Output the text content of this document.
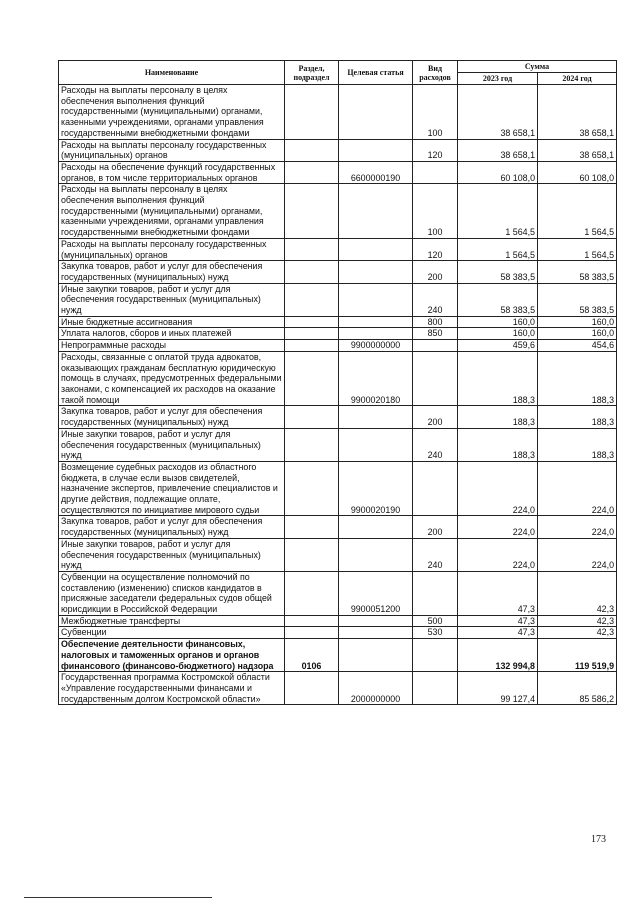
Наименование	Раздел, подраздел	Целевая статья	Вид расходов	Сумма	
				2023 год	2024 год
Расходы на выплаты персоналу в целях обеспечения выполнения функций государственными (муниципальными) органами, казенными учреждениями, органами управления государственными внебюджетными фондами			100	38 658,1	38 658,1
Расходы на выплаты персоналу государственных (муниципальных) органов			120	38 658,1	38 658,1
Расходы на обеспечение функций государственных органов, в том числе территориальных органов		6600000190		60 108,0	60 108,0
Расходы на выплаты персоналу в целях обеспечения выполнения функций государственными (муниципальными) органами, казенными учреждениями, органами управления государственными внебюджетными фондами			100	1 564,5	1 564,5
Расходы на выплаты персоналу государственных (муниципальных) органов			120	1 564,5	1 564,5
Закупка товаров, работ и услуг для обеспечения государственных (муниципальных) нужд			200	58 383,5	58 383,5
Иные закупки товаров, работ и услуг для обеспечения государственных (муниципальных) нужд			240	58 383,5	58 383,5
Иные бюджетные ассигнования			800	160,0	160,0
Уплата налогов, сборов и иных платежей			850	160,0	160,0
Непрограммные расходы		9900000000		459,6	454,6
Расходы, связанные с оплатой труда адвокатов, оказывающих гражданам бесплатную юридическую помощь в случаях, предусмотренных федеральными законами, с компенсацией их расходов на оказание такой помощи		9900020180		188,3	188,3
Закупка товаров, работ и услуг для обеспечения государственных (муниципальных) нужд			200	188,3	188,3
Иные закупки товаров, работ и услуг для обеспечения государственных (муниципальных) нужд			240	188,3	188,3
Возмещение судебных расходов из областного бюджета, в случае если вызов свидетелей, назначение экспертов, привлечение специалистов и другие действия, подлежащие оплате, осуществляются по инициативе мирового судьи		9900020190		224,0	224,0
Закупка товаров, работ и услуг для обеспечения государственных (муниципальных) нужд			200	224,0	224,0
Иные закупки товаров, работ и услуг для обеспечения государственных (муниципальных) нужд			240	224,0	224,0
Субвенции на осуществление полномочий по составлению (изменению) списков кандидатов в присяжные заседатели федеральных судов общей юрисдикции в Российской Федерации		9900051200		47,3	42,3
Межбюджетные трансферты			500	47,3	42,3
Субвенции			530	47,3	42,3
Обеспечение деятельности финансовых, налоговых и таможенных органов и органов финансового (финансово-бюджетного) надзора	0106			132 994,8	119 519,9
Государственная программа Костромской области «Управление государственными финансами и государственным долгом Костромской области»		2000000000		99 127,4	85 586,2
173
